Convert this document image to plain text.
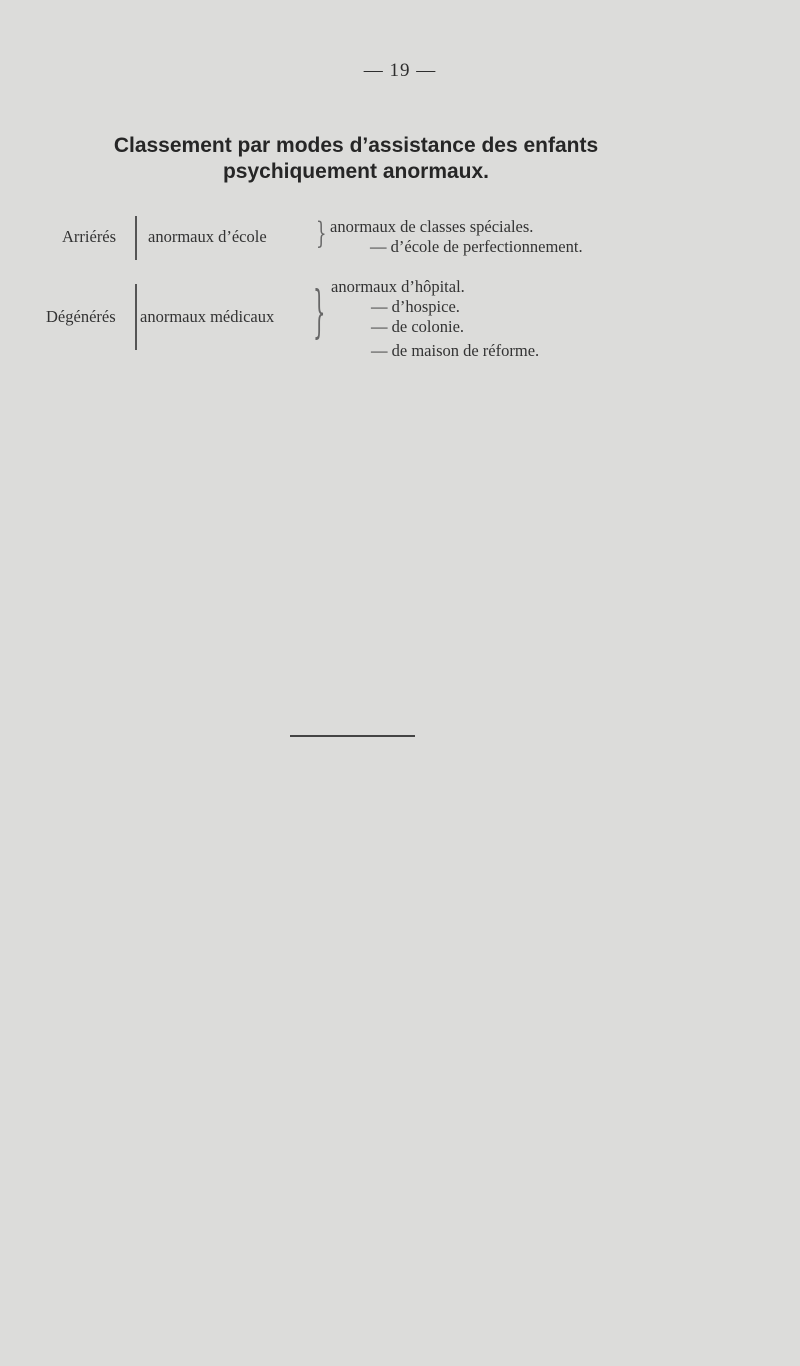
— 19 —
Classement par modes d’assistance des enfants
psychiquement anormaux.
Arriérés anormaux d’école } anormaux de classes spéciales.
— d’école de perfectionnement.
Dégénérés anormaux médicaux } anormaux d’hôpital.
— d’hospice.
— de colonie.
— de maison de réforme.
